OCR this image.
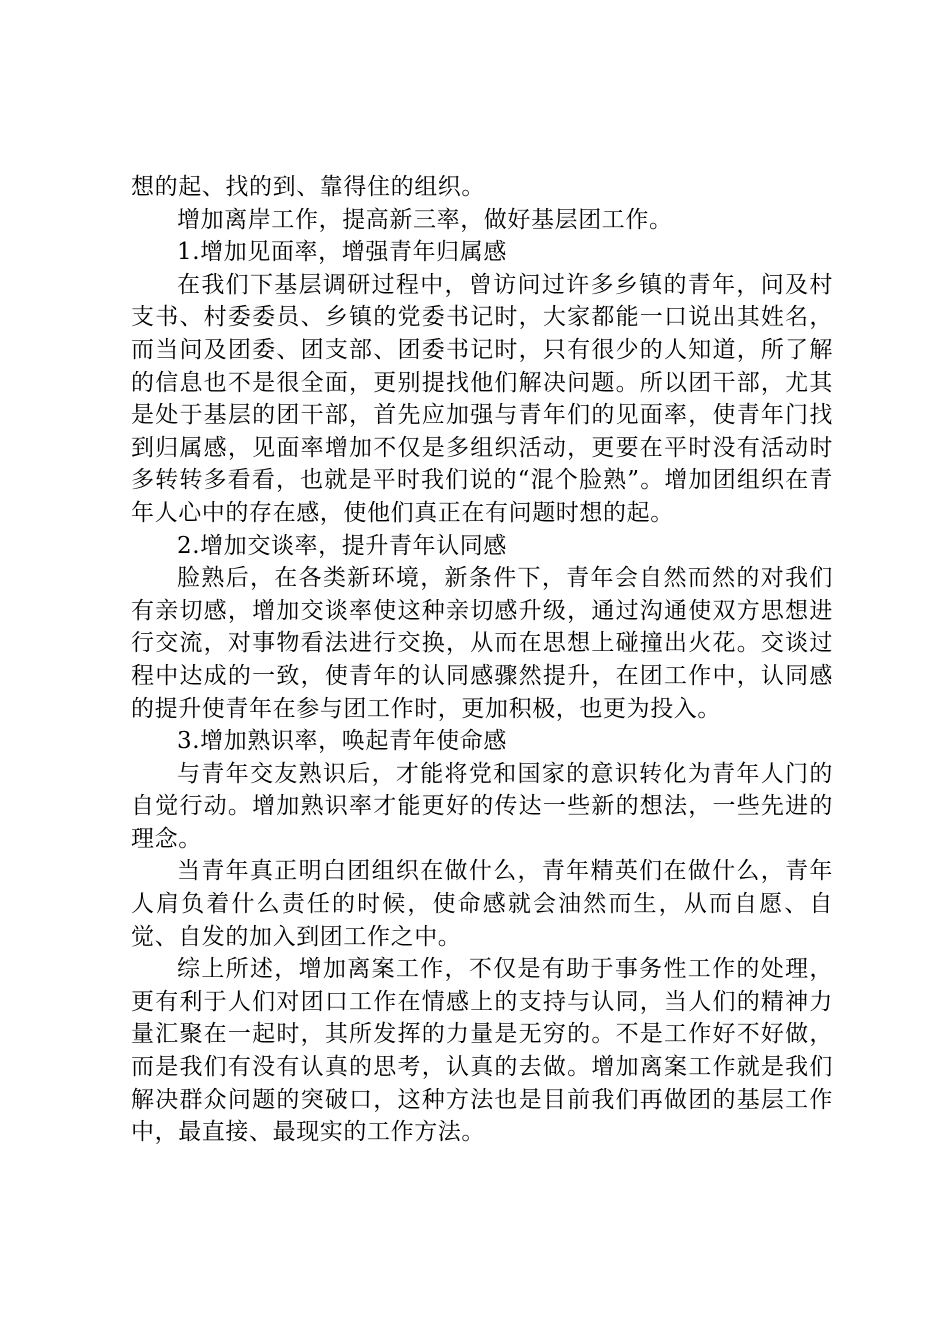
想的起、找的到、靠得住的组织。

增加离岸工作，提高新三率，做好基层团工作。

1.增加见面率，增强青年归属感

在我们下基层调研过程中，曾访问过许多乡镇的青年，问及村支书、村委委员、乡镇的党委书记时，大家都能一口说出其姓名，而当问及团委、团支部、团委书记时，只有很少的人知道，所了解的信息也不是很全面，更别提找他们解决问题。所以团干部，尤其是处于基层的团干部，首先应加强与青年们的见面率，使青年门找到归属感，见面率增加不仅是多组织活动，更要在平时没有活动时多转转多看看，也就是平时我们说的“混个脸熟”。增加团组织在青年人心中的存在感，使他们真正在有问题时想的起。

2.增加交谈率，提升青年认同感

脸熟后，在各类新环境，新条件下，青年会自然而然的对我们有亲切感，增加交谈率使这种亲切感升级，通过沟通使双方思想进行交流，对事物看法进行交换，从而在思想上碰撞出火花。交谈过程中达成的一致，使青年的认同感骤然提升，在团工作中，认同感的提升使青年在参与团工作时，更加积极，也更为投入。

3.增加熟识率，唤起青年使命感

与青年交友熟识后，才能将党和国家的意识转化为青年人门的自觉行动。增加熟识率才能更好的传达一些新的想法，一些先进的理念。

当青年真正明白团组织在做什么，青年精英们在做什么，青年人肩负着什么责任的时候，使命感就会油然而生，从而自愿、自觉、自发的加入到团工作之中。

综上所述，增加离案工作，不仅是有助于事务性工作的处理，更有利于人们对团口工作在情感上的支持与认同，当人们的精神力量汇聚在一起时，其所发挥的力量是无穷的。不是工作好不好做，而是我们有没有认真的思考，认真的去做。增加离案工作就是我们解决群众问题的突破口，这种方法也是目前我们再做团的基层工作中，最直接、最现实的工作方法。
